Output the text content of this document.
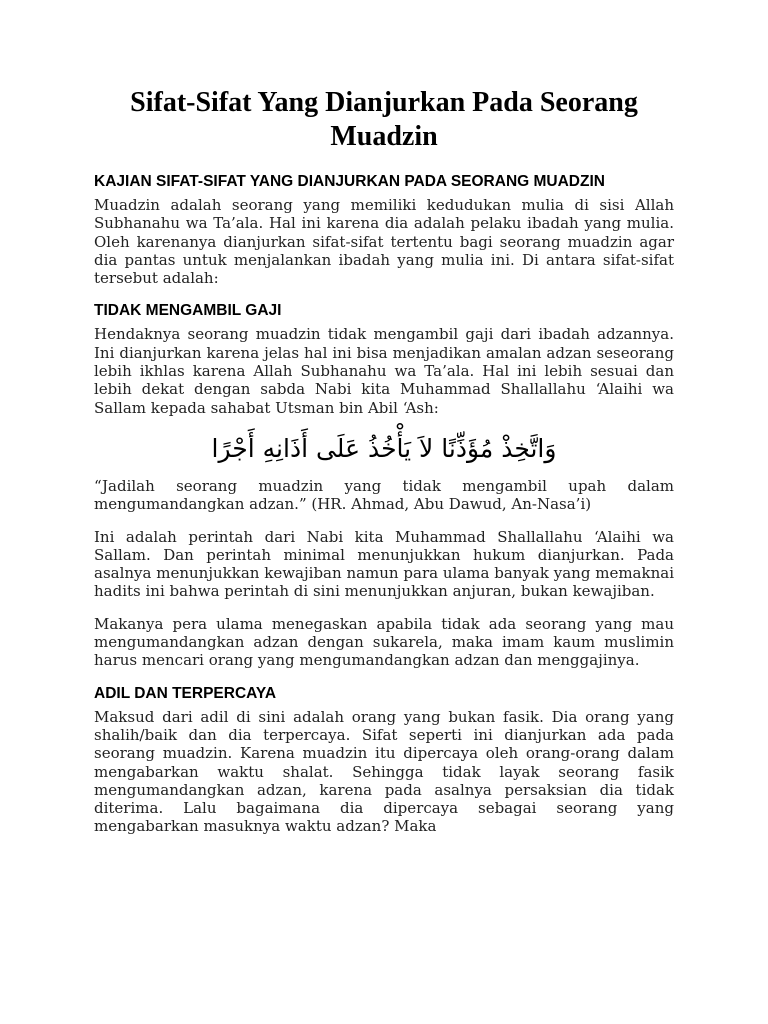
Sifat-Sifat Yang Dianjurkan Pada Seorang Muadzin
KAJIAN SIFAT-SIFAT YANG DIANJURKAN PADA SEORANG MUADZIN

Muadzin adalah seorang yang memiliki kedudukan mulia di sisi Allah Subhanahu wa Ta’ala. Hal ini karena dia adalah pelaku ibadah yang mulia. Oleh karenanya dianjurkan sifat-sifat tertentu bagi seorang muadzin agar dia pantas untuk menjalankan ibadah yang mulia ini. Di antara sifat-sifat tersebut adalah:

TIDAK MENGAMBIL GAJI

Hendaknya seorang muadzin tidak mengambil gaji dari ibadah adzannya. Ini dianjurkan karena jelas hal ini bisa menjadikan amalan adzan seseorang lebih ikhlas karena Allah Subhanahu wa Ta’ala. Hal ini lebih sesuai dan lebih dekat dengan sabda Nabi kita Muhammad Shallallahu ‘Alaihi wa Sallam kepada sahabat Utsman bin Abil ‘Ash:

وَاتَّخِذْ مُؤَذِّنًا لاَ يَأْخُذُ عَلَى أَذَانِهِ أَجْرًا

“Jadilah seorang muadzin yang tidak mengambil upah dalam mengumandangkan adzan.” (HR. Ahmad, Abu Dawud, An-Nasa’i)

Ini adalah perintah dari Nabi kita Muhammad Shallallahu ‘Alaihi wa Sallam. Dan perintah minimal menunjukkan hukum dianjurkan. Pada asalnya menunjukkan kewajiban namun para ulama banyak yang memaknai hadits ini bahwa perintah di sini menunjukkan anjuran, bukan kewajiban.

Makanya pera ulama menegaskan apabila tidak ada seorang yang mau mengumandangkan adzan dengan sukarela, maka imam kaum muslimin harus mencari orang yang mengumandangkan adzan dan menggajinya.

ADIL DAN TERPERCAYA

Maksud dari adil di sini adalah orang yang bukan fasik. Dia orang yang shalih/baik dan dia terpercaya. Sifat seperti ini dianjurkan ada pada seorang muadzin. Karena muadzin itu dipercaya oleh orang-orang dalam mengabarkan waktu shalat. Sehingga tidak layak seorang fasik mengumandangkan adzan, karena pada asalnya persaksian dia tidak diterima. Lalu bagaimana dia dipercaya sebagai seorang yang mengabarkan masuknya waktu adzan? Maka
